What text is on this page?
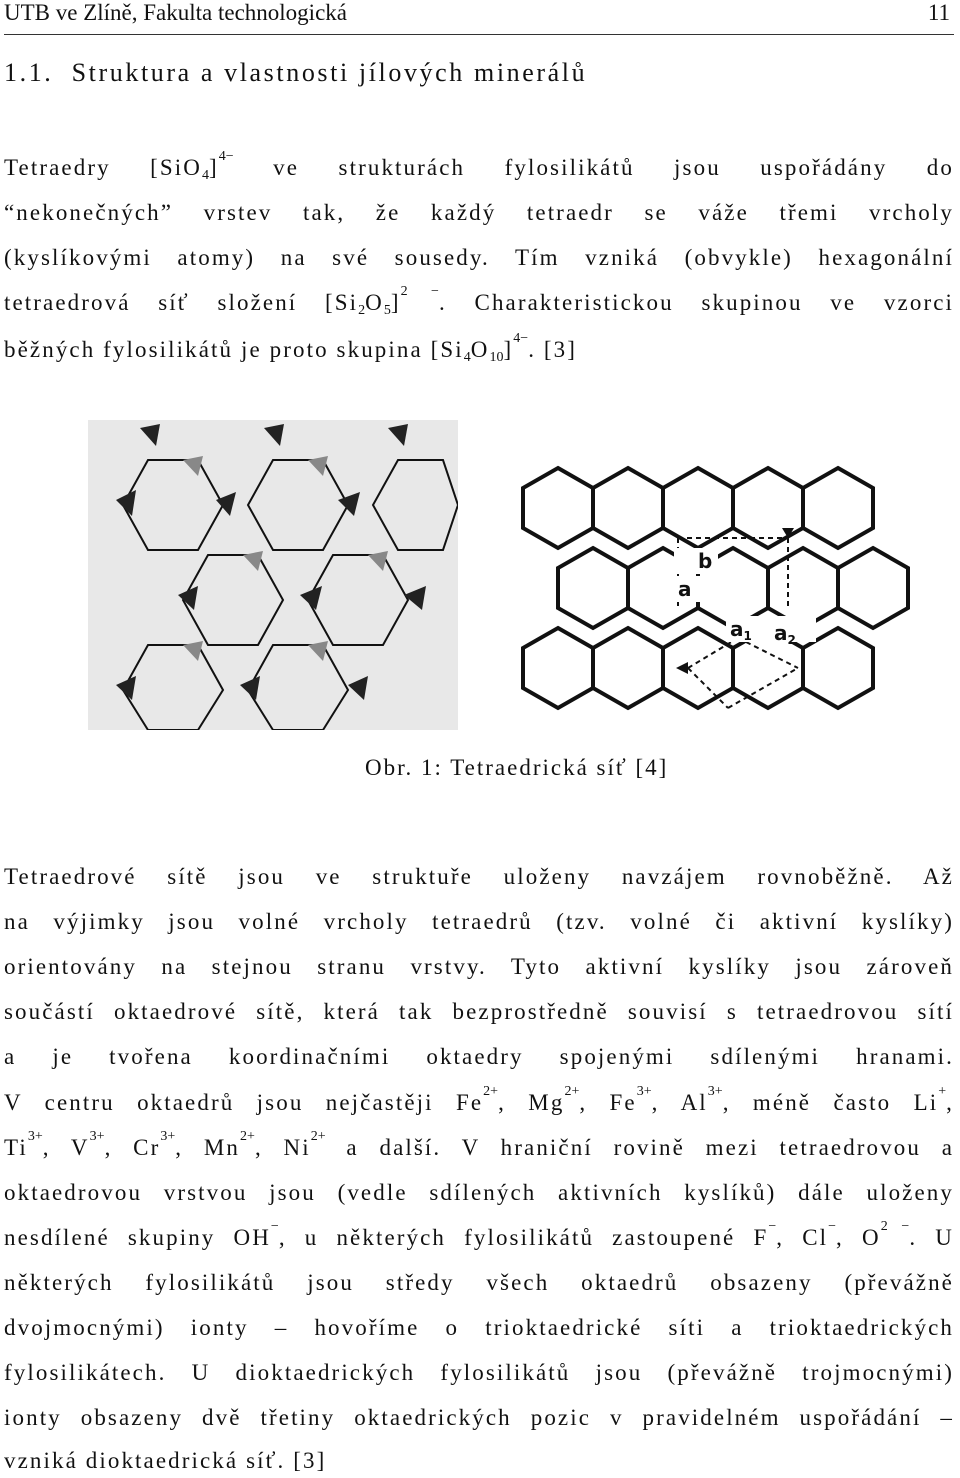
UTB ve Zlíně, Fakulta technologická	11
1.1. Struktura a vlastnosti jílových minerálů
Tetraedry $[SiO_4]^{4-}$ ve strukturách fylosilikátů jsou uspořádány do
“nekonečných” vrstev tak, že každý tetraedr se váže třemi vrcholy
(kyslíkovými atomy) na své sousedy. Tím vzniká (obvykle) hexagonální
tetraedrová síť složení $[Si_2O_5]^{2 -}$. Charakteristickou skupinou ve vzorci
běžných fylosilikátů je proto skupina $[Si_4O_{10}]^{4-}$. [3]
b
a
$a_1$ $a_2$
Obr. 1: Tetraedrická síť [4]
Tetraedrové sítě jsou ve struktuře uloženy navzájem rovnoběžně. Až
na výjimky jsou volné vrcholy tetraedrů (tzv. volné či aktivní kyslíky)
orientovány na stejnou stranu vrstvy. Tyto aktivní kyslíky jsou zároveň
součástí oktaedrové sítě, která tak bezprostředně souvisí s tetraedrovou sítí
a je tvořena koordinačními oktaedry spojenými sdílenými hranami.
V centru oktaedrů jsou nejčastěji $Fe^{2+}$, $Mg^{2+}$, $Fe^{3+}$, $Al^{3+}$, méně často Li+,
$Ti^{3+}$, $V^{3+}$, $Cr^{3+}$, $Mn^{2+}$, $Ni^{2+}$ a další. V hraniční rovině mezi tetraedrovou a
oktaedrovou vrstvou jsou (vedle sdílených aktivních kyslíků) dále uloženy
nesdílené skupiny OH−, u některých fylosilikátů zastoupené F−, Cl−, $O^{2 -}$. U
některých fylosilikátů jsou středy všech oktaedrů obsazeny (převážně
dvojmocnými) ionty – hovoříme o trioktaedrické síti a trioktaedrických
fylosilikátech. U dioktaedrických fylosilikátů jsou (převážně trojmocnými)
ionty obsazeny dvě třetiny oktaedrických pozic v pravidelném uspořádání –
vzniká dioktaedrická síť. [3]
